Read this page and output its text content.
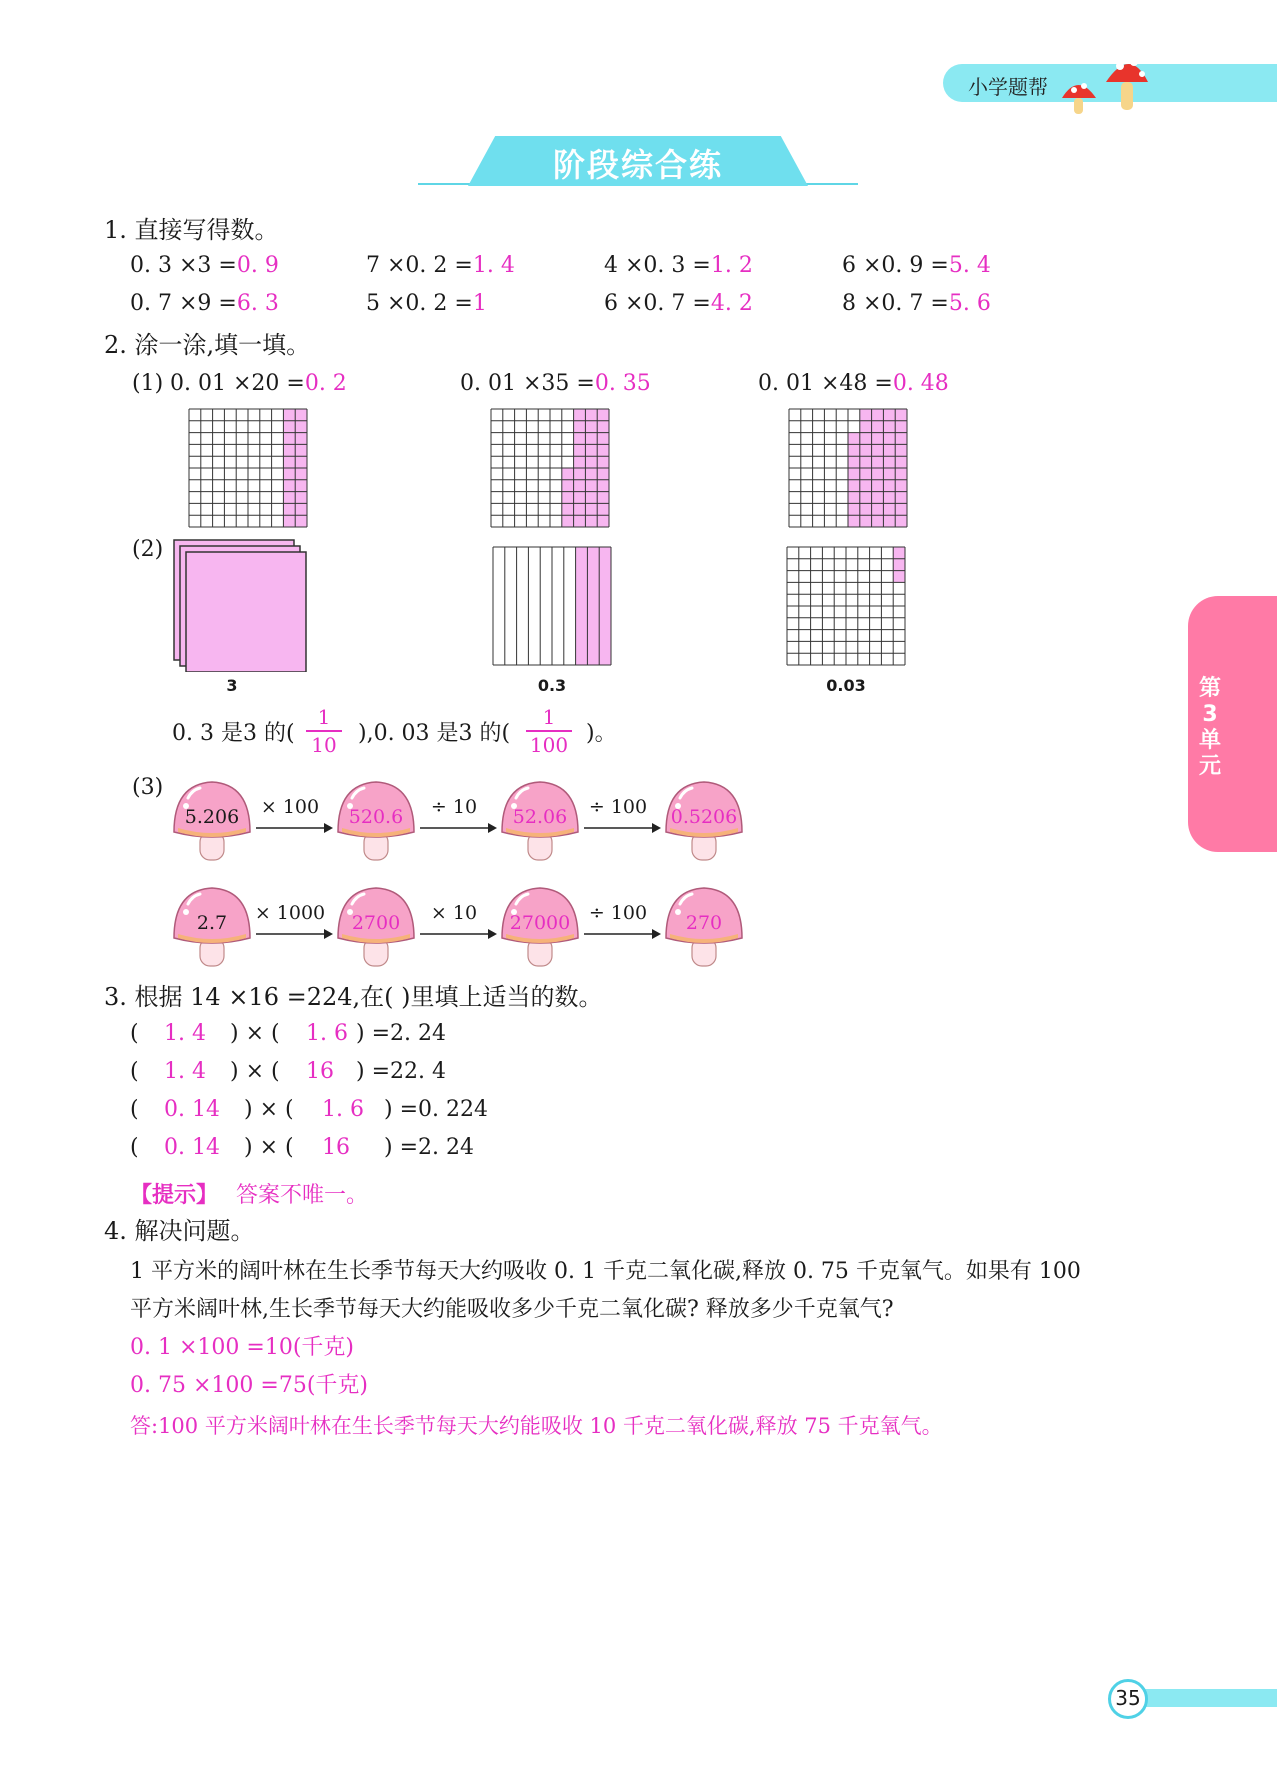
小学题帮
阶段综合练
第3单元
1. 直接写得数。
0. 3 ×3 =0. 9	7 ×0. 2 =1. 4	4 ×0. 3 =1. 2	6 ×0. 9 =5. 4
0. 7 ×9 =6. 3	5 ×0. 2 =1	6 ×0. 7 =4. 2	8 ×0. 7 =5. 6
2. 涂一涂,填一填。
(1) 0. 01 ×20 =0. 2	0. 01 ×35 =0. 35	0. 01 ×48 =0. 48
(2)
3	0.3	0.03
0. 3 是3 的(
1
10 ),0. 03 是3 的(
1
100 )。
(3)
5.206	520.6	52.06	0.5206
× 100	÷ 10	÷ 100
2.7	2700	27000	270
× 1000	× 10	÷ 100
3. 根据 14 ×16 =224,在( )里填上适当的数。
( 1. 4 ) × ( 1. 6 ) =2. 24
( 1. 4 ) × ( 16 ) =22. 4
( 0. 14 ) × ( 1. 6 ) =0. 224
( 0. 14 ) × ( 16 ) =2. 24
【提示】 答案不唯一。
4. 解决问题。
1 平方米的阔叶林在生长季节每天大约吸收 0. 1 千克二氧化碳,释放 0. 75 千克氧气。如果有 100
平方米阔叶林,生长季节每天大约能吸收多少千克二氧化碳? 释放多少千克氧气?
0. 1 ×100 =10(千克)
0. 75 ×100 =75(千克)
答:100 平方米阔叶林在生长季节每天大约能吸收 10 千克二氧化碳,释放 75 千克氧气。
35
